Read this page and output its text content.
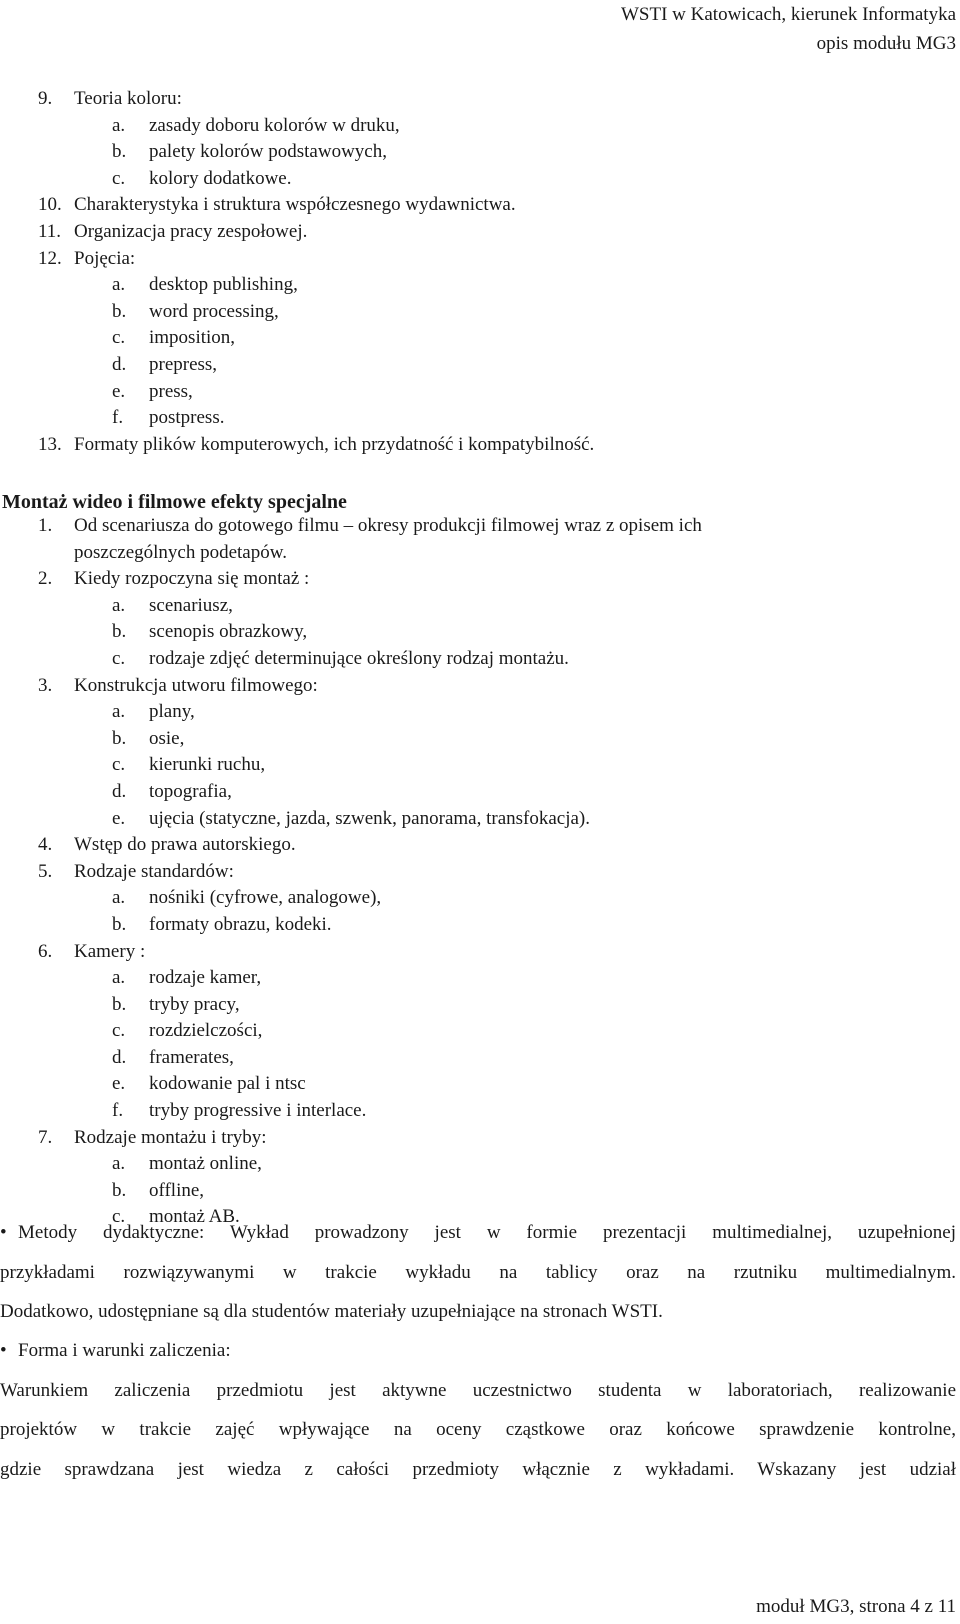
WSTI w Katowicach, kierunek Informatyka
opis modułu MG3
9. Teoria koloru:
a. zasady doboru kolorów w druku,
b. palety kolorów podstawowych,
c. kolory dodatkowe.
10. Charakterystyka i struktura współczesnego wydawnictwa.
11. Organizacja pracy zespołowej.
12. Pojęcia:
a. desktop publishing,
b. word processing,
c. imposition,
d. prepress,
e. press,
f. postpress.
13. Formaty plików komputerowych, ich przydatność i kompatybilność.
Montaż wideo i filmowe efekty specjalne
1. Od scenariusza do gotowego filmu – okresy produkcji filmowej wraz z opisem ich
poszczególnych podetapów.
2. Kiedy rozpoczyna się montaż :
a. scenariusz,
b. scenopis obrazkowy,
c. rodzaje zdjęć determinujące określony rodzaj montażu.
3. Konstrukcja utworu filmowego:
a. plany,
b. osie,
c. kierunki ruchu,
d. topografia,
e. ujęcia (statyczne, jazda, szwenk, panorama, transfokacja).
4. Wstęp do prawa autorskiego.
5. Rodzaje standardów:
a. nośniki (cyfrowe, analogowe),
b. formaty obrazu, kodeki.
6. Kamery :
a. rodzaje kamer,
b. tryby pracy,
c. rozdzielczości,
d. framerates,
e. kodowanie pal i ntsc
f. tryby progressive i interlace.
7. Rodzaje montażu i tryby:
a. montaż online,
b. offline,
c. montaż AB.
• Metody dydaktyczne: Wykład prowadzony jest w formie prezentacji multimedialnej, uzupełnionej
przykładami rozwiązywanymi w trakcie wykładu na tablicy oraz na rzutniku multimedialnym.
Dodatkowo, udostępniane są dla studentów materiały uzupełniające na stronach WSTI.
• Forma i warunki zaliczenia:
Warunkiem zaliczenia przedmiotu jest aktywne uczestnictwo studenta w laboratoriach, realizowanie
projektów w trakcie zajęć wpływające na oceny cząstkowe oraz końcowe sprawdzenie kontrolne,
gdzie sprawdzana jest wiedza z całości przedmioty włącznie z wykładami. Wskazany jest udział
moduł MG3, strona 4 z 11
